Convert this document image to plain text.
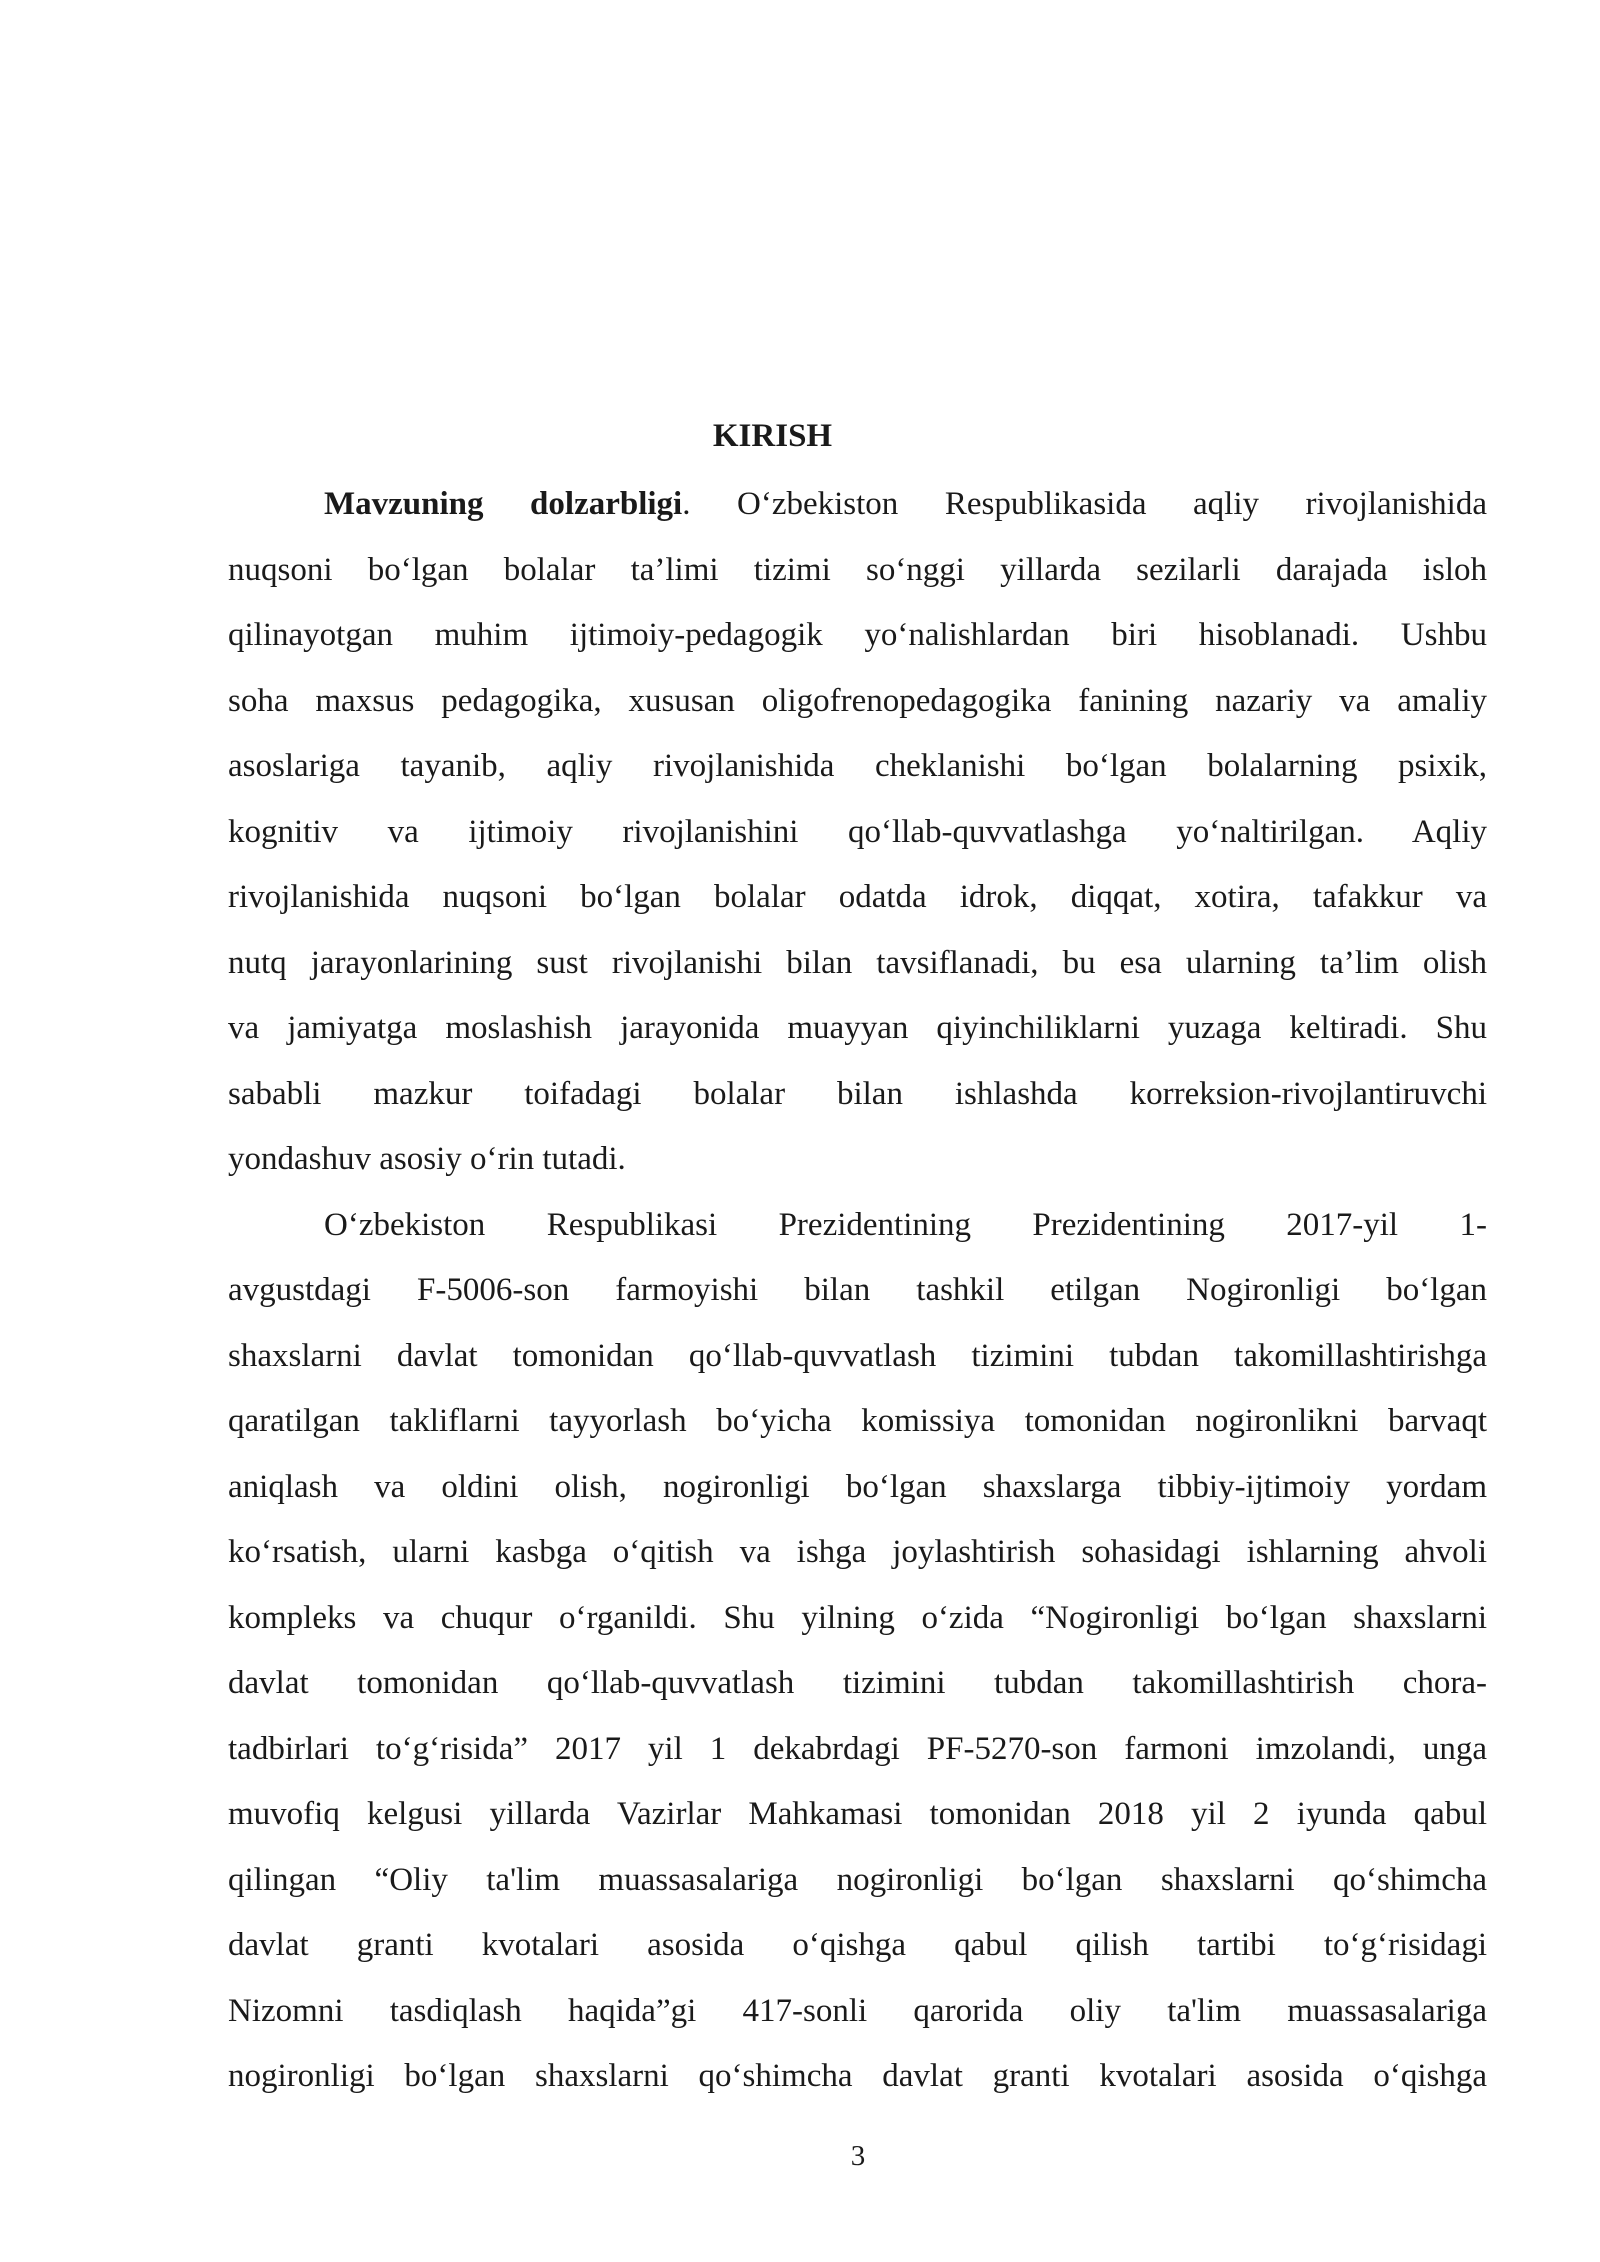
KIRISH
Mavzuning dolzarbligi. O‘zbekiston Respublikasida aqliy rivojlanishida
nuqsoni bo‘lgan bolalar ta’limi tizimi so‘nggi yillarda sezilarli darajada isloh
qilinayotgan muhim ijtimoiy-pedagogik yo‘nalishlardan biri hisoblanadi. Ushbu
soha maxsus pedagogika, xususan oligofrenopedagogika fanining nazariy va amaliy
asoslariga tayanib, aqliy rivojlanishida cheklanishi bo‘lgan bolalarning psixik,
kognitiv va ijtimoiy rivojlanishini qo‘llab-quvvatlashga yo‘naltirilgan. Aqliy
rivojlanishida nuqsoni bo‘lgan bolalar odatda idrok, diqqat, xotira, tafakkur va
nutq jarayonlarining sust rivojlanishi bilan tavsiflanadi, bu esa ularning ta’lim olish
va jamiyatga moslashish jarayonida muayyan qiyinchiliklarni yuzaga keltiradi. Shu
sababli mazkur toifadagi bolalar bilan ishlashda korreksion-rivojlantiruvchi
yondashuv asosiy o‘rin tutadi.
O‘zbekiston Respublikasi Prezidentining Prezidentining 2017-yil 1-
avgustdagi F-5006-son farmoyishi bilan tashkil etilgan Nogironligi bo‘lgan
shaxslarni davlat tomonidan qo‘llab-quvvatlash tizimini tubdan takomillashtirishga
qaratilgan takliflarni tayyorlash bo‘yicha komissiya tomonidan nogironlikni barvaqt
aniqlash va oldini olish, nogironligi bo‘lgan shaxslarga tibbiy-ijtimoiy yordam
ko‘rsatish, ularni kasbga o‘qitish va ishga joylashtirish sohasidagi ishlarning ahvoli
kompleks va chuqur o‘rganildi. Shu yilning o‘zida “Nogironligi bo‘lgan shaxslarni
davlat tomonidan qo‘llab-quvvatlash tizimini tubdan takomillashtirish chora-
tadbirlari to‘g‘risida” 2017 yil 1 dekabrdagi PF-5270-son farmoni imzolandi, unga
muvofiq kelgusi yillarda Vazirlar Mahkamasi tomonidan 2018 yil 2 iyunda qabul
qilingan “Oliy ta'lim muassasalariga nogironligi bo‘lgan shaxslarni qo‘shimcha
davlat granti kvotalari asosida o‘qishga qabul qilish tartibi to‘g‘risidagi
Nizomni tasdiqlash haqida”gi 417-sonli qarorida oliy ta'lim muassasalariga
nogironligi bo‘lgan shaxslarni qo‘shimcha davlat granti kvotalari asosida o‘qishga
3
